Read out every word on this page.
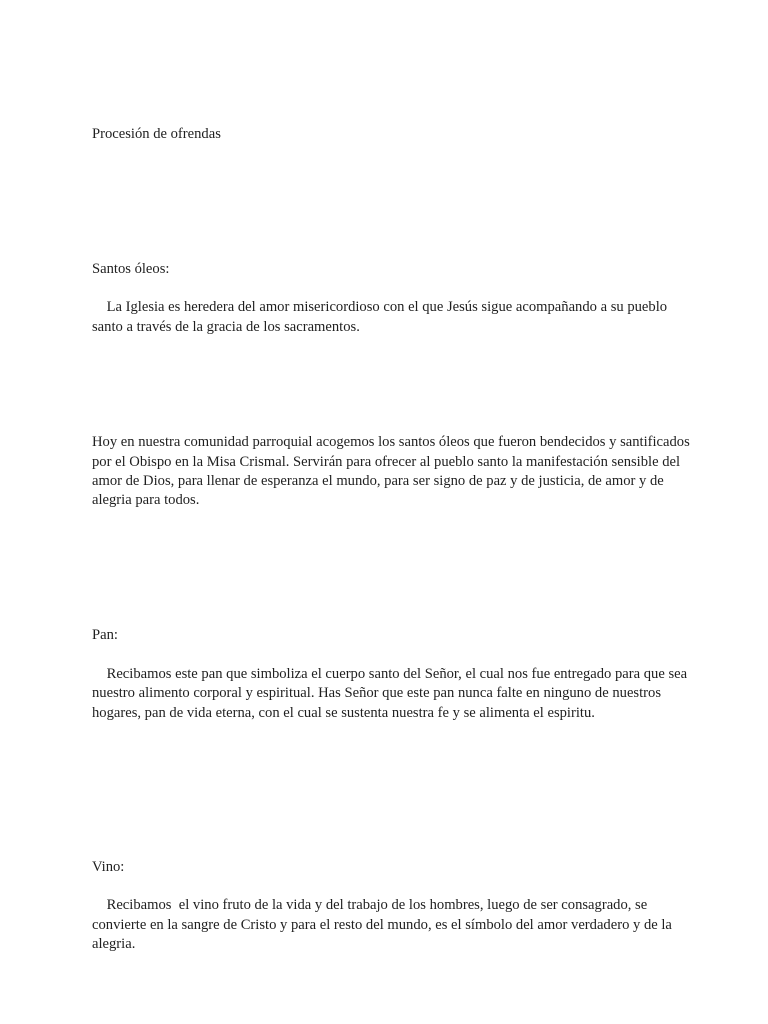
Procesión de ofrendas

Santos óleos:

La Iglesia es heredera del amor misericordioso con el que Jesús sigue acompañando a su pueblo santo a través de la gracia de los sacramentos.

Hoy en nuestra comunidad parroquial acogemos los santos óleos que fueron bendecidos y santificados por el Obispo en la Misa Crismal. Servirán para ofrecer al pueblo santo la manifestación sensible del amor de Dios, para llenar de esperanza el mundo, para ser signo de paz y de justicia, de amor y de alegria para todos.

Pan:

Recibamos este pan que simboliza el cuerpo santo del Señor, el cual nos fue entregado para que sea nuestro alimento corporal y espiritual. Has Señor que este pan nunca falte en ninguno de nuestros hogares, pan de vida eterna, con el cual se sustenta nuestra fe y se alimenta el espiritu.

Vino:

Recibamos  el vino fruto de la vida y del trabajo de los hombres, luego de ser consagrado, se convierte en la sangre de Cristo y para el resto del mundo, es el símbolo del amor verdadero y de la alegria.
